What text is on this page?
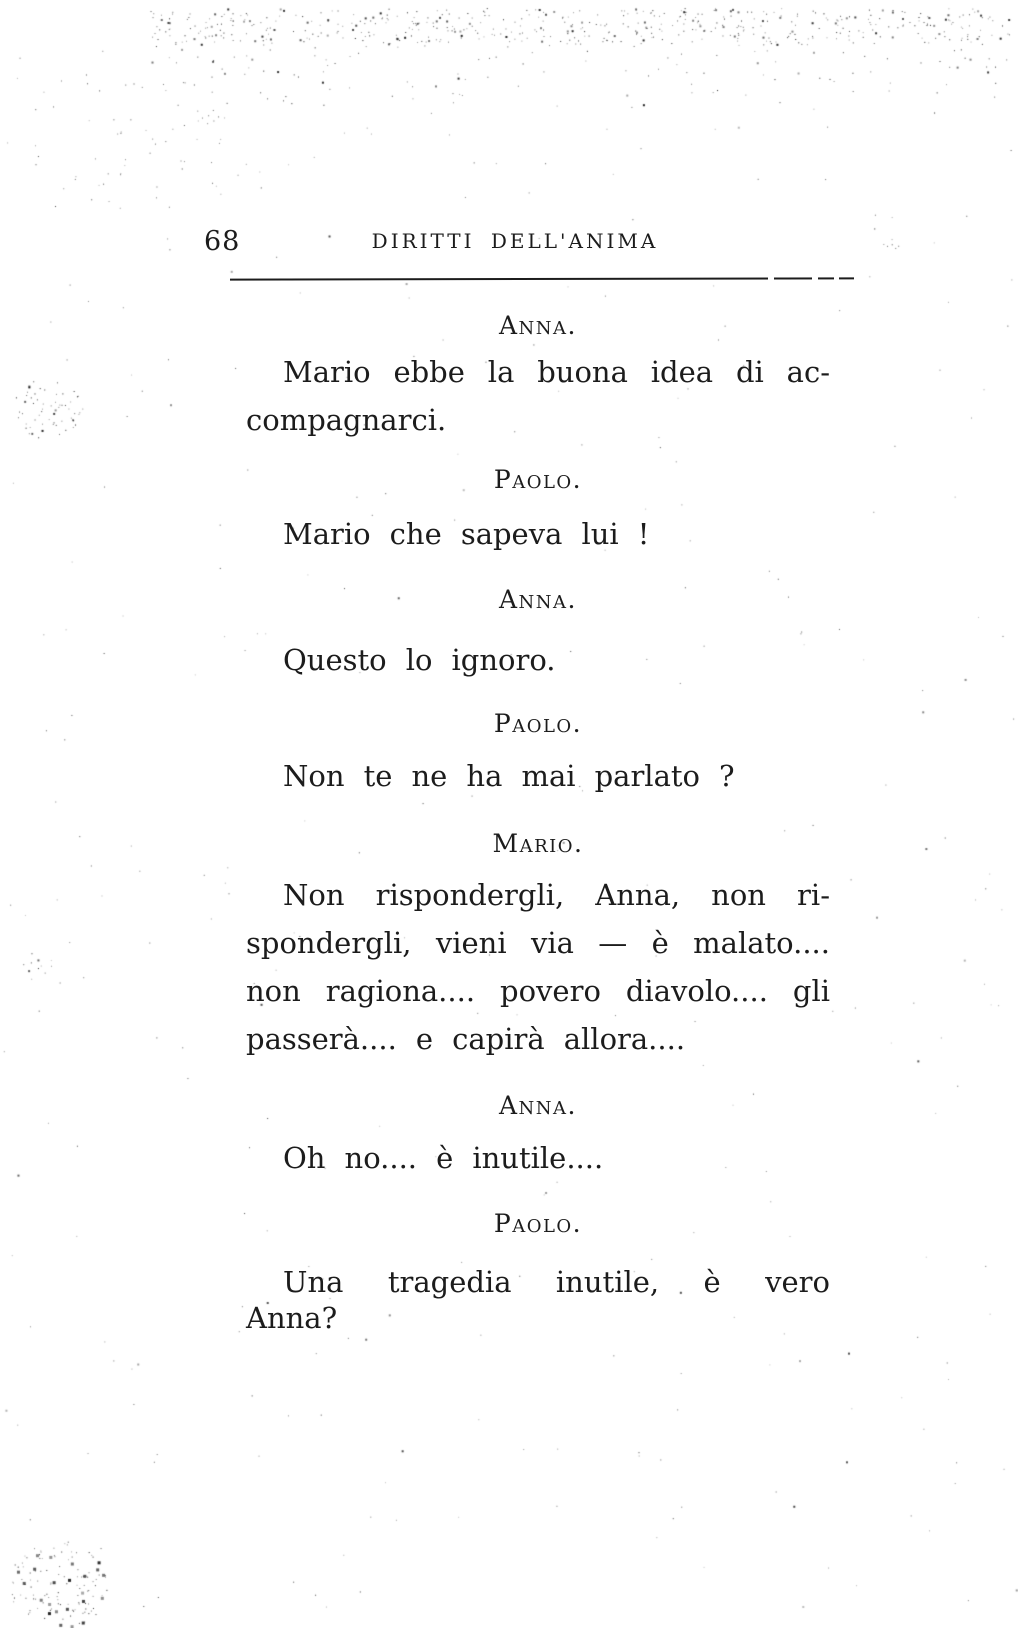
68	DIRITTI DELL'ANIMA
Anna.
Mario ebbe la buona idea di ac-
compagnarci.
Paolo.
Mario che sapeva lui !
Anna.
Questo lo ignoro.
Paolo.
Non te ne ha mai parlato ?
Mario.
Non rispondergli, Anna, non ri-
spondergli, vieni via — è malato....
non ragiona.... povero diavolo.... gli
passerà.... e capirà allora....
Anna.
Oh no.... è inutile....
Paolo.
Una tragedia inutile, è vero Anna?
